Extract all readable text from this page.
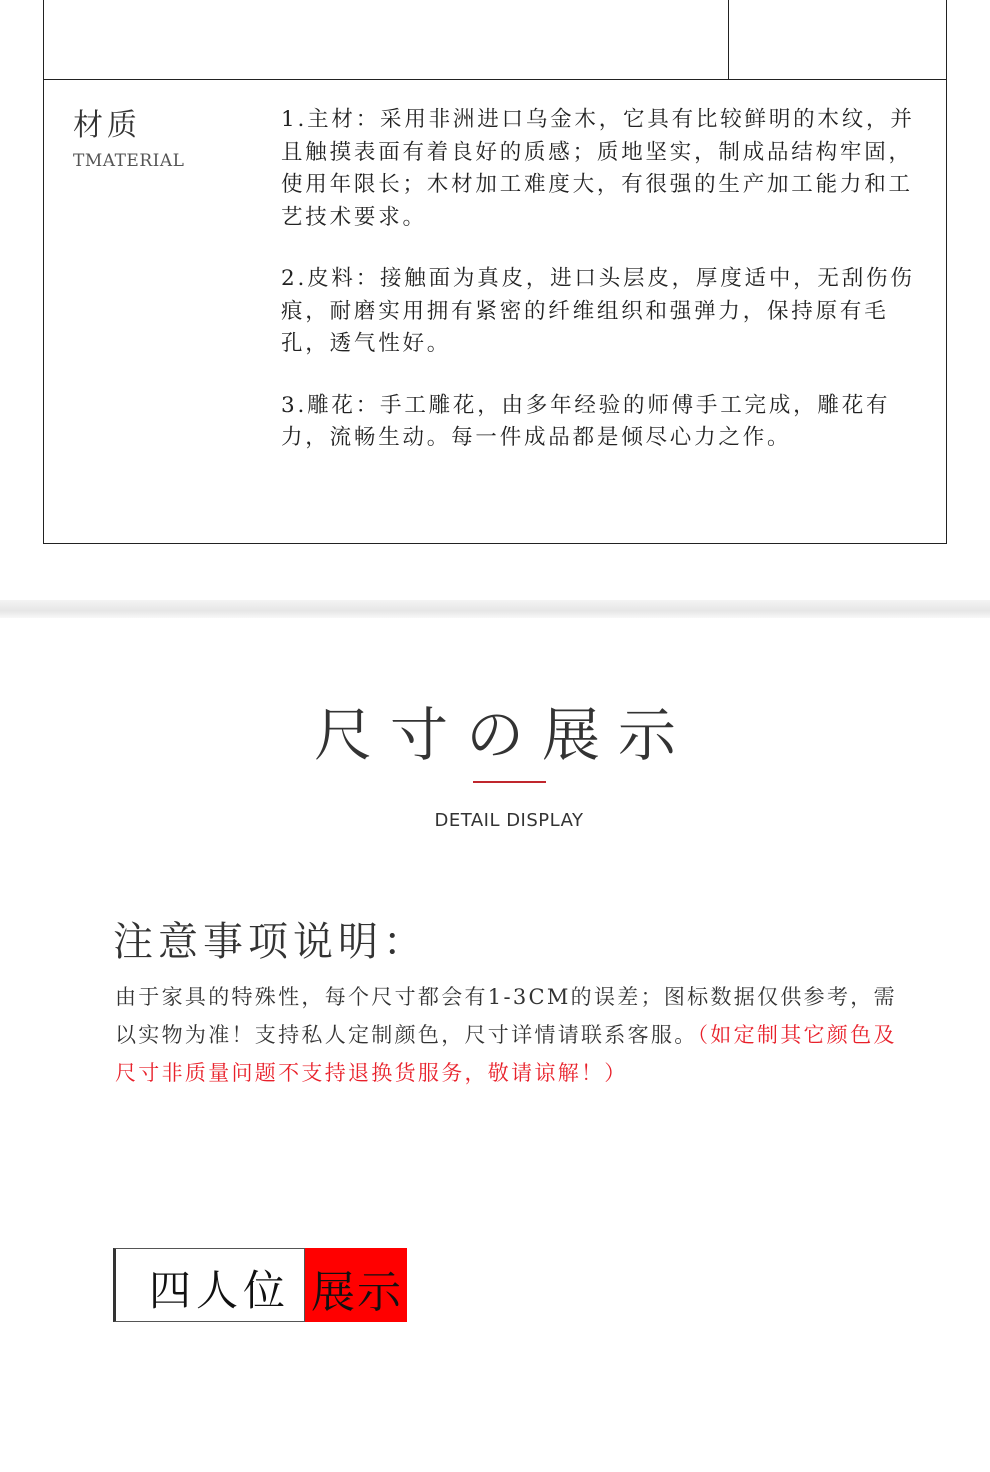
材质
TMATERIAL

1.主材：采用非洲进口乌金木，它具有比较鲜明的木纹，并且触摸表面有着良好的质感；质地坚实，制成品结构牢固，使用年限长；木材加工难度大，有很强的生产加工能力和工艺技术要求。

2.皮料：接触面为真皮，进口头层皮，厚度适中，无刮伤伤痕，耐磨实用拥有紧密的纤维组织和强弹力，保持原有毛孔，透气性好。

3.雕花：手工雕花，由多年经验的师傅手工完成，雕花有力，流畅生动。每一件成品都是倾尽心力之作。

尺寸の展示
DETAIL DISPLAY
注意事项说明：
由于家具的特殊性，每个尺寸都会有1-3CM的误差；图标数据仅供参考，需以实物为准！支持私人定制颜色，尺寸详情请联系客服。（如定制其它颜色及尺寸非质量问题不支持退换货服务，敬请谅解！）
四人位 展示
